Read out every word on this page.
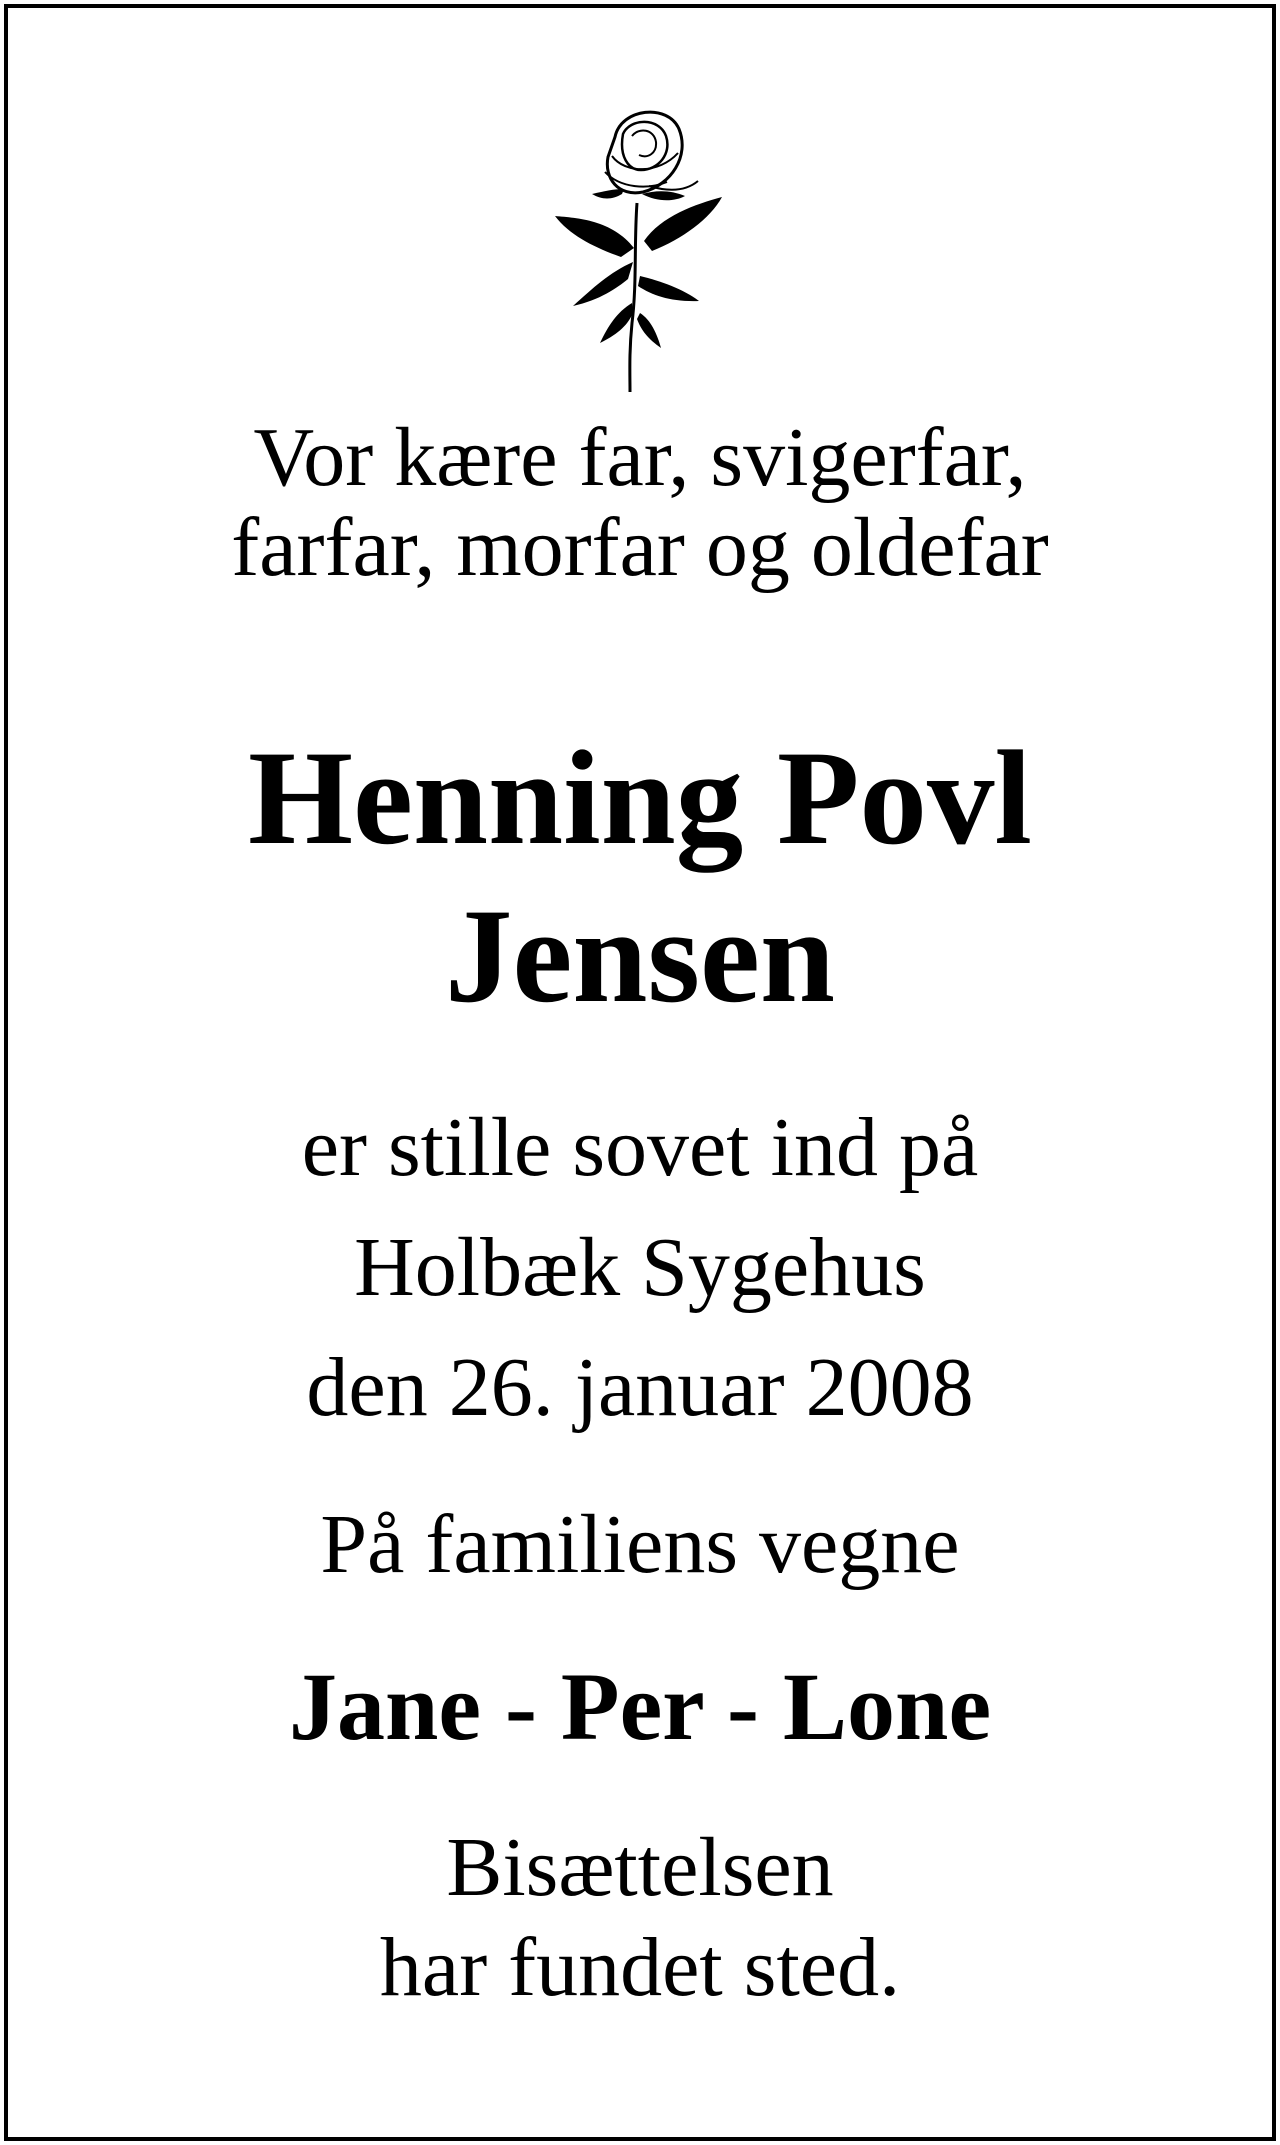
Vor kære far, svigerfar,
farfar, morfar og oldefar
Henning Povl
Jensen
er stille sovet ind på
Holbæk Sygehus
den 26. januar 2008
På familiens vegne
Jane - Per - Lone
Bisættelsen
har fundet sted.
